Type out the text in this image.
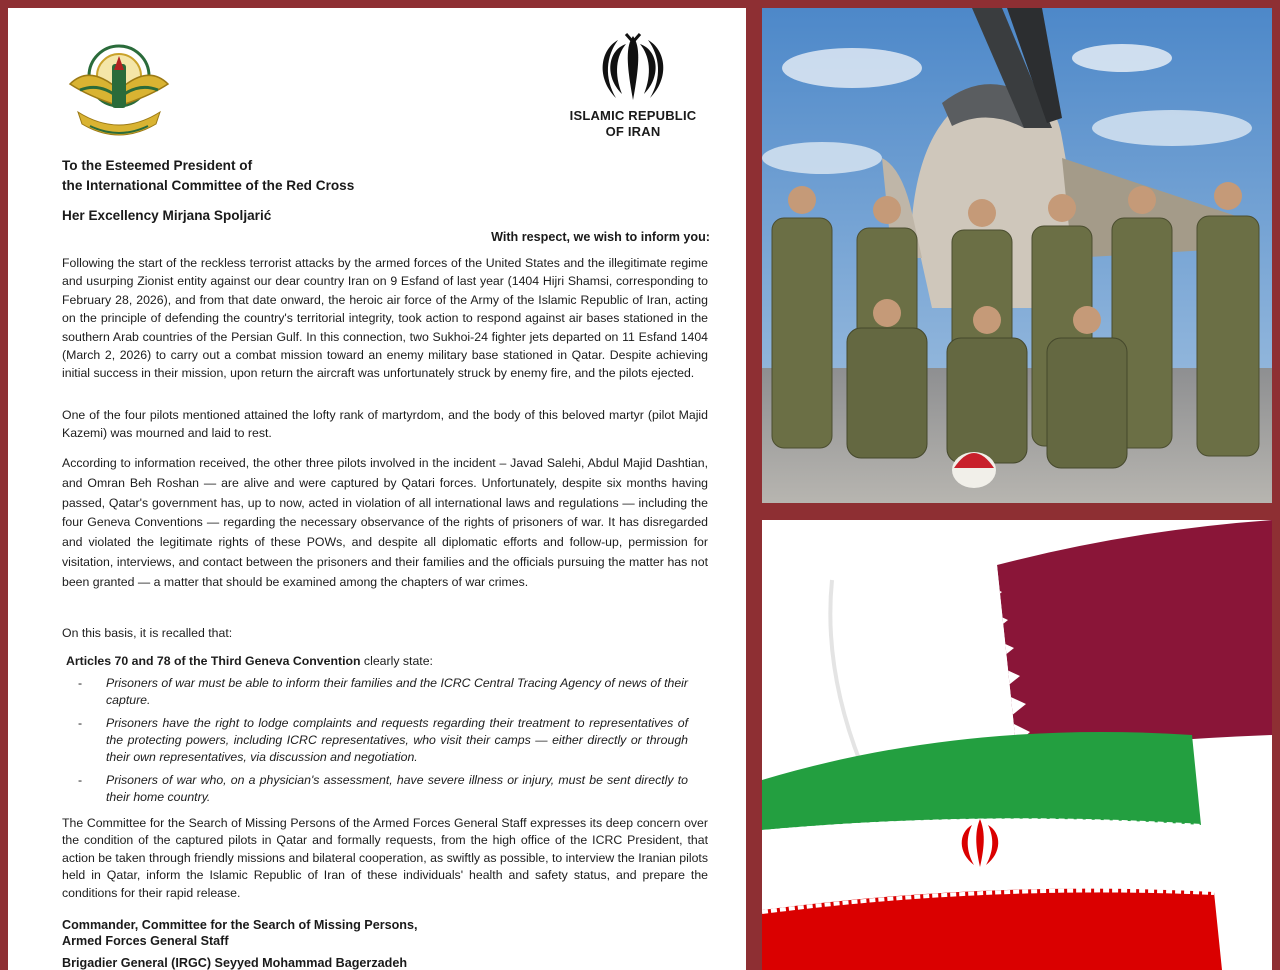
ISLAMIC REPUBLIC
OF IRAN
To the Esteemed President of
the International Committee of the Red Cross
Her Excellency Mirjana Spoljarić
With respect, we wish to inform you:
Following the start of the reckless terrorist attacks by the armed forces of the United States and the illegitimate regime and usurping Zionist entity against our dear country Iran on 9 Esfand of last year (1404 Hijri Shamsi, corresponding to February 28, 2026), and from that date onward, the heroic air force of the Army of the Islamic Republic of Iran, acting on the principle of defending the country's territorial integrity, took action to respond against air bases stationed in the southern Arab countries of the Persian Gulf. In this connection, two Sukhoi-24 fighter jets departed on 11 Esfand 1404 (March 2, 2026) to carry out a combat mission toward an enemy military base stationed in Qatar. Despite achieving initial success in their mission, upon return the aircraft was unfortunately struck by enemy fire, and the pilots ejected.
One of the four pilots mentioned attained the lofty rank of martyrdom, and the body of this beloved martyr (pilot Majid Kazemi) was mourned and laid to rest.
According to information received, the other three pilots involved in the incident – Javad Salehi, Abdul Majid Dashtian, and Omran Beh Roshan — are alive and were captured by Qatari forces. Unfortunately, despite six months having passed, Qatar's government has, up to now, acted in violation of all international laws and regulations — including the four Geneva Conventions — regarding the necessary observance of the rights of prisoners of war. It has disregarded and violated the legitimate rights of these POWs, and despite all diplomatic efforts and follow-up, permission for visitation, interviews, and contact between the prisoners and their families and the officials pursuing the matter has not been granted — a matter that should be examined among the chapters of war crimes.
On this basis, it is recalled that:
Articles 70 and 78 of the Third Geneva Convention clearly state:
- Prisoners of war must be able to inform their families and the ICRC Central Tracing Agency of news of their capture.
- Prisoners have the right to lodge complaints and requests regarding their treatment to representatives of the protecting powers, including ICRC representatives, who visit their camps — either directly or through their own representatives, via discussion and negotiation.
- Prisoners of war who, on a physician's assessment, have severe illness or injury, must be sent directly to their home country.
The Committee for the Search of Missing Persons of the Armed Forces General Staff expresses its deep concern over the condition of the captured pilots in Qatar and formally requests, from the high office of the ICRC President, that action be taken through friendly missions and bilateral cooperation, as swiftly as possible, to interview the Iranian pilots held in Qatar, inform the Islamic Republic of Iran of these individuals' health and safety status, and prepare the conditions for their rapid release.
Commander, Committee for the Search of Missing Persons,
Armed Forces General Staff
Brigadier General (IRGC) Seyyed Mohammad Bagerzadeh
